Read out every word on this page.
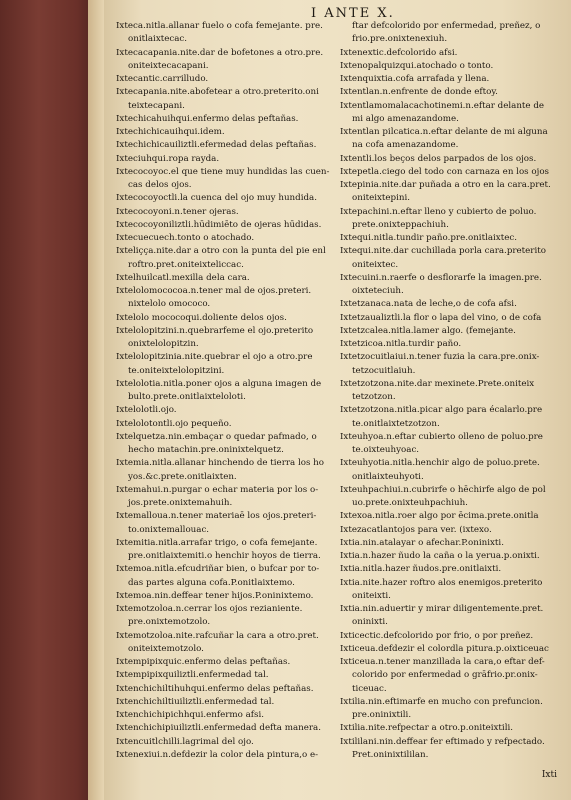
I ANTE X.
Ixteca.nitla.allanar fuelo o cofa femejante. pre.
onitlaixtecac.
Ixtecacapania.nite.dar de bofetones a otro.pre.
oniteixtecacapani.
Ixtecantic.carrilludo.
Ixtecapania.nite.abofetear a otro.preterito.oni
teixtecapani.
Ixtechicahuihqui.enfermo delas peftañas.
Ixtechichicauihqui.idem.
Ixtechichicauiliztli.efermedad delas peftañas.
Ixteciuhqui.ropa rayda.
Ixtecocoyoc.el que tiene muy hundidas las cuen-
cas delos ojos.
Ixtecocoyoctli.la cuenca del ojo muy hundida.
Ixtecocoyoni.n.tener ojeras.
Ixtecocoyoniliztli.hūdimiēto de ojeras hūdidas.
Ixtecuecuech.tonto o atochado.
Ixteliçça.nite.dar a otro con la punta del pie enl
roftro.pret.oniteixteliccac.
Ixtelhuilcatl.mexilla dela cara.
Ixtelolomococoa.n.tener mal de ojos.preteri.
nixtelolo omococo.
Ixtelolo mococoqui.doliente delos ojos.
Ixtelolopitzini.n.quebrarfeme el ojo.preterito
onixtelolopitzin.
Ixtelolopitzinia.nite.quebrar el ojo a otro.pre
te.oniteixtelolopitzini.
Ixtelolotia.nitla.poner ojos a alguna imagen de
bulto.prete.onitlaixteloloti.
Ixtelolotli.ojo.
Ixtelolotontli.ojo pequeño.
Ixtelquetza.nin.embaçar o quedar pafmado, o
hecho matachin.pre.oninixtelquetz.
Ixtemia.nitla.allanar hinchendo de tierra los ho
yos.&c.prete.onitlaixten.
Ixtemahui.n.purgar o echar materia por los o-
jos.prete.onixtemahuih.
Ixtemalloua.n.tener materiaē los ojos.preteri-
to.onixtemallouac.
Ixtemitia.nitla.arrafar trigo, o cofa femejante.
pre.onitlaixtemiti.o henchir hoyos de tierra.
Ixtemoa.nitla.efcudriñar bien, o bufcar por to-
das partes alguna cofa.P.onitlaixtemo.
Ixtemoa.nin.deffear tener hijos.P.oninixtemo.
Ixtemotzoloa.n.cerrar los ojos rezianiente.
pre.onixtemotzolo.
Ixtemotzoloa.nite.rafcuñar la cara a otro.pret.
oniteixtemotzolo.
Ixtempipixquic.enfermo delas peftañas.
Ixtempipixquiliztli.enfermedad tal.
Ixtenchichiltihuhqui.enfermo delas peftañas.
Ixtenchichiltiuiliztli.enfermedad tal.
Ixtenchichipichhqui.enfermo afsi.
Ixtenchichipiuiliztli.enfermedad defta manera.
Ixtencuitlchilli.lagrimal del ojo.
Ixtenexiui.n.defdezir la color dela pintura,o e-
ftar defcolorido por enfermedad, preñez, o
frio.pre.onixtenexiuh.
Ixtenextic.defcolorido afsi.
Ixtenopalquizqui.atochado o tonto.
Ixtenquixtia.cofa arrafada y llena.
Ixtentlan.n.enfrente de donde eftoy.
Ixtentlamomalacachotinemi.n.eftar delante de
mi algo amenazandome.
Ixtentlan pilcatica.n.eftar delante de mi alguna
na cofa amenazandome.
Ixtentli.los beços delos parpados de los ojos.
Ixtepetla.ciego del todo con carnaza en los ojos
Ixtepinia.nite.dar puñada a otro en la cara.pret.
oniteixtepini.
Ixtepachini.n.eftar lleno y cubierto de poluo.
prete.onixteppachiuh.
Ixtequi.nitla.tundir paño.pre.onitlaixtec.
Ixtequi.nite.dar cuchillada porla cara.preterito
oniteixtec.
Ixtecuini.n.raerfe o desflorarfe la imagen.pre.
oixteteciuh.
Ixtetzanaca.nata de leche,o de cofa afsi.
Ixtetzaualiztli.la flor o lapa del vino, o de cofa
Ixtetzcalea.nitla.lamer algo. (femejante.
Ixtetzicoa.nitla.turdir paño.
Ixtetzocuitlaiui.n.tener fuzia la cara.pre.onix-
tetzocuitlaiuh.
Ixtetzotzona.nite.dar mexinete.Prete.oniteix
tetzotzon.
Ixtetzotzona.nitla.picar algo para écalarlo.pre
te.onitlaixtetzotzon.
Ixteuhyoa.n.eftar cubierto olleno de poluo.pre
te.oixteuhyoac.
Ixteuhyotia.nitla.henchir algo de poluo.prete.
onitlaixteuhyoti.
Ixteuhpachiui.n.cubrirfe o hēchirfe algo de pol
uo.prete.onixteuhpachiuh.
Ixtexoa.nitla.roer algo por ēcima.prete.onitla
Ixtezacatlantojos para ver. (ixtexo.
Ixtia.nin.atalayar o afechar.P.oninixti.
Ixtia.n.hazer ñudo la caña o la yerua.p.onixti.
Ixtia.nitla.hazer ñudos.pre.onitlaixti.
Ixtia.nite.hazer roftro alos enemigos.preterito
oniteixti.
Ixtia.nin.aduertir y mirar diligentemente.pret.
oninixti.
Ixticectic.defcolorido por frio, o por preñez.
Ixticeua.defdezir el colordla pitura.p.oixticeuac
Ixticeua.n.tener manzillada la cara,o eftar def-
colorido por enfermedad o grāfrio.pr.onix-
ticeuac.
Ixtilia.nin.eftimarfe en mucho con prefuncion.
pre.oninixtili.
Ixtilia.nite.refpectar a otro.p.oniteixtili.
Ixtililani.nin.deffear fer eftimado y refpectado.
Pret.oninixtililan.
Ixti
